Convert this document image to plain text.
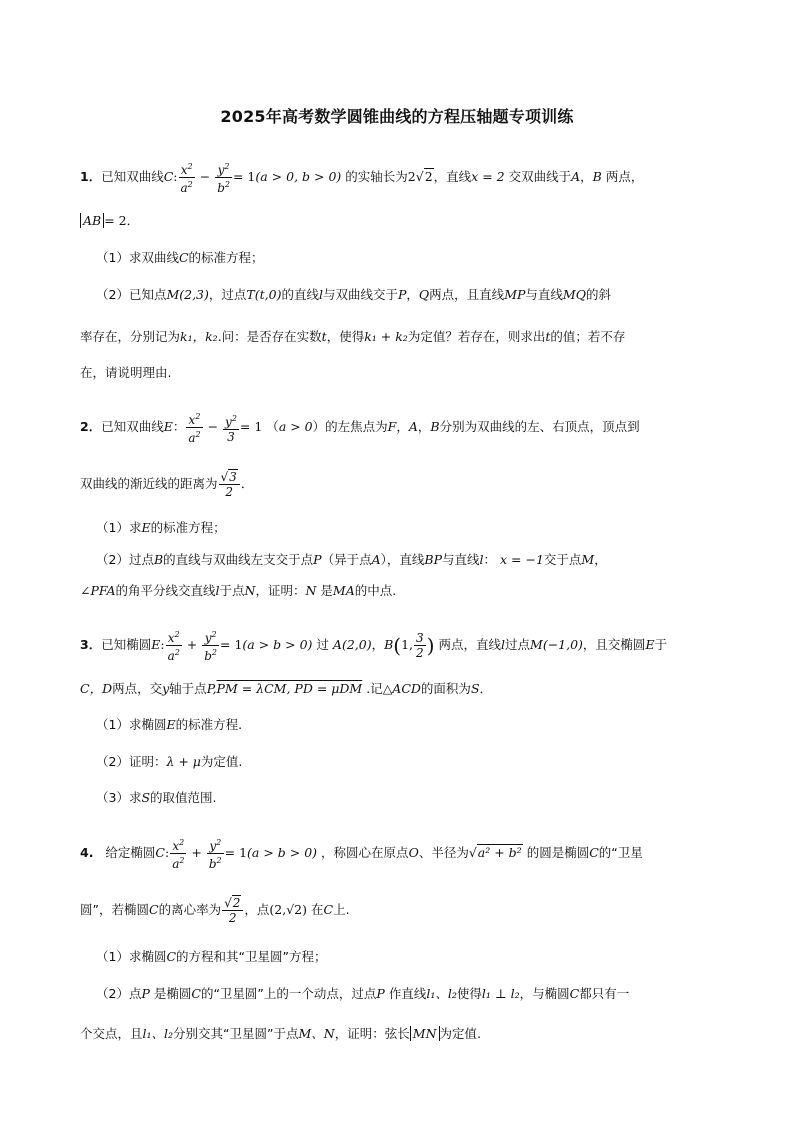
2025年高考数学圆锥曲线的方程压轴题专项训练
1．已知双曲线C: $\frac{x^2}{a^2} - \frac{y^2}{b^2} = 1(a > 0$, b > 0) 的实轴长为2√2，直线x = 2 交双曲线于A，B 两点，
AB = 2．
（1）求双曲线C的标准方程；
（2）已知点M(2,3)，过点T(t,0)的直线l与双曲线交于P，Q两点，且直线MP与直线MQ的斜
率存在，分别记为k₁，k₂.问：是否存在实数t，使得k₁ + k₂为定值？若存在，则求出t的值；若不存
在，请说明理由.
2．已知双曲线E： $\frac{x^2}{a^2} - \frac{y^2}{3} = 1$ （a > 0）的左焦点为F，A，B分别为双曲线的左、右顶点，顶点到
双曲线的渐近线的距离为 $\frac{√3}{2}$ ．
（1）求E的标准方程；
（2）过点B的直线与双曲线左支交于点P（异于点A），直线BP与直线l： x = −1交于点M，
∠PFA的角平分线交直线l于点N，证明：N 是MA的中点.
3．已知椭圆E: $\frac{x^2}{a^2} + \frac{y^2}{b^2} = 1(a > b > 0)$ 过 A(2,0)，B(1, $\frac{3}{2}$ ) 两点，直线l过点M(−1,0)，且交椭圆E于
C，D两点，交y轴于点P,PM = λCM, PD = μDM .记△ACD的面积为S．
（1）求椭圆E的标准方程.
（2）证明：λ + μ为定值.
（3）求S的取值范围.
4. 给定椭圆C: $\frac{x^2}{a^2} + \frac{y^2}{b^2} = 1(a > b > 0)$ ，称圆心在原点O、半径为√a² + b² 的圆是椭圆C的“卫星
圆”，若椭圆C的离心率为 $\frac{√2}{2}$ ，点(2,√2) 在C上.
（1）求椭圆C的方程和其“卫星圆”方程；
（2）点P 是椭圆C的“卫星圆”上的一个动点，过点P 作直线l₁、l₂使得l₁ ⊥ l₂，与椭圆C都只有一
个交点，且l₁、l₂分别交其“卫星圆”于点M、N，证明：弦长 MN 为定值.
